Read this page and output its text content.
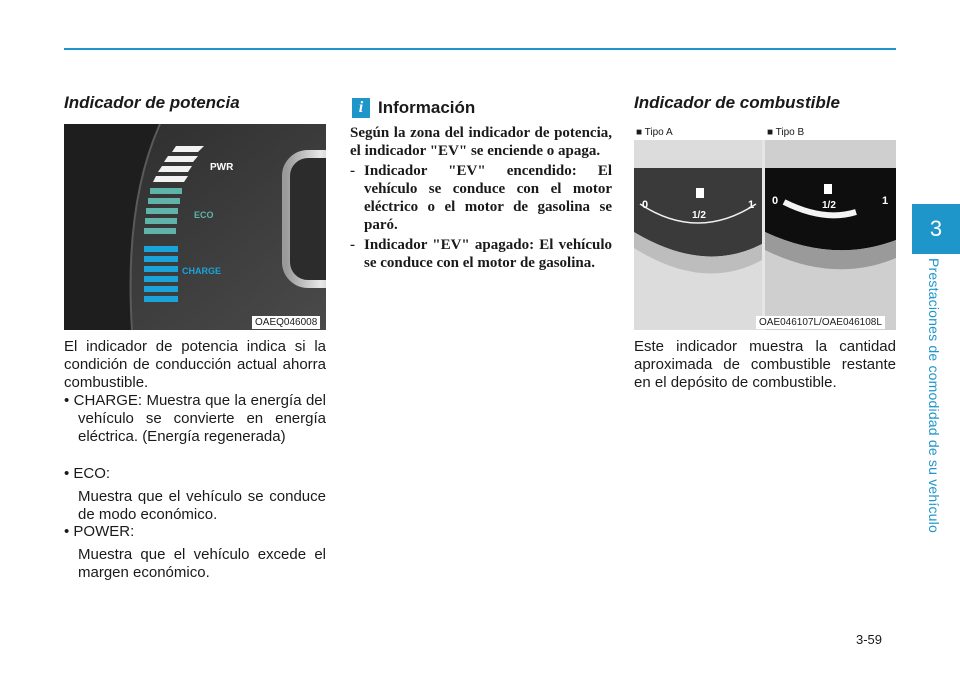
Indicador de potencia
PWR
ECO
CHARGE
OAEQ046008
El indicador de potencia indica si la condición de conducción actual ahorra combustible.
• CHARGE: Muestra que la energía del vehículo se convierte en energía eléctrica. (Energía regenerada)
• ECO:
Muestra que el vehículo se conduce de modo económico.
• POWER:
Muestra que el vehículo excede el margen económico.
i Información

Según la zona del indicador de potencia, el indicador "EV" se enciende o apaga.

- Indicador "EV" encendido: El vehículo se conduce con el motor eléctrico o el motor de gasolina se paró.
- Indicador "EV" apagado: El vehículo se conduce con el motor de gasolina.
Indicador de combustible
0
1/2
1 0	1/2	1
■ Tipo A	■ Tipo B
OAE046107L/OAE046108L
Este indicador muestra la cantidad aproximada de combustible restante en el depósito de combustible.
3
Prestaciones de comodidad de su vehículo
3-59
